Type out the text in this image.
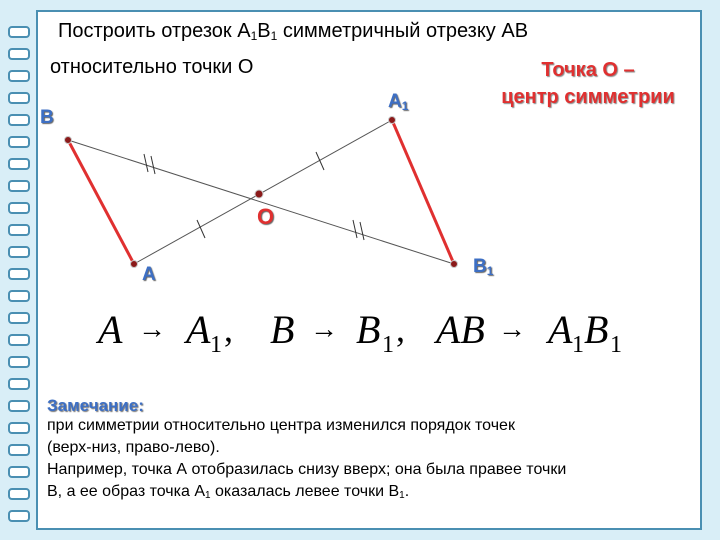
Построить отрезок $А_1В_1$ симметричный отрезку АВ
относительно точки О	Точка О –
центр симметрии
В
$А_1$
О
А	$В_1$
A → A 1 , B → B 1 , AB → A 1 B 1
Замечание:
при симметрии относительно центра изменился порядок точек
(верх-низ, право-лево).
Например, точка А отобразилась снизу вверх; она была правее точки
В, а ее образ точка $А_1$ оказалась левее точки $В_1$.
